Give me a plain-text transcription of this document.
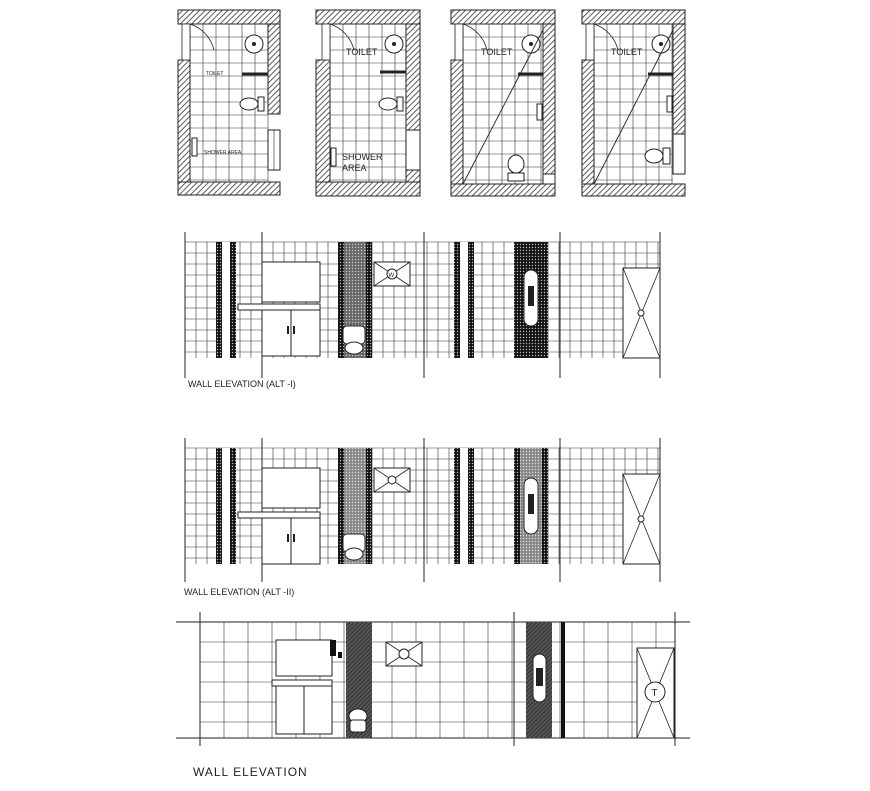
TOILET
SHOWER AREA
TOILET
SHOWER
AREA
TOILET	TOILET
W
WALL ELEVATION (ALT -I)
WALL ELEVATION (ALT -II)
T
WALL ELEVATION
